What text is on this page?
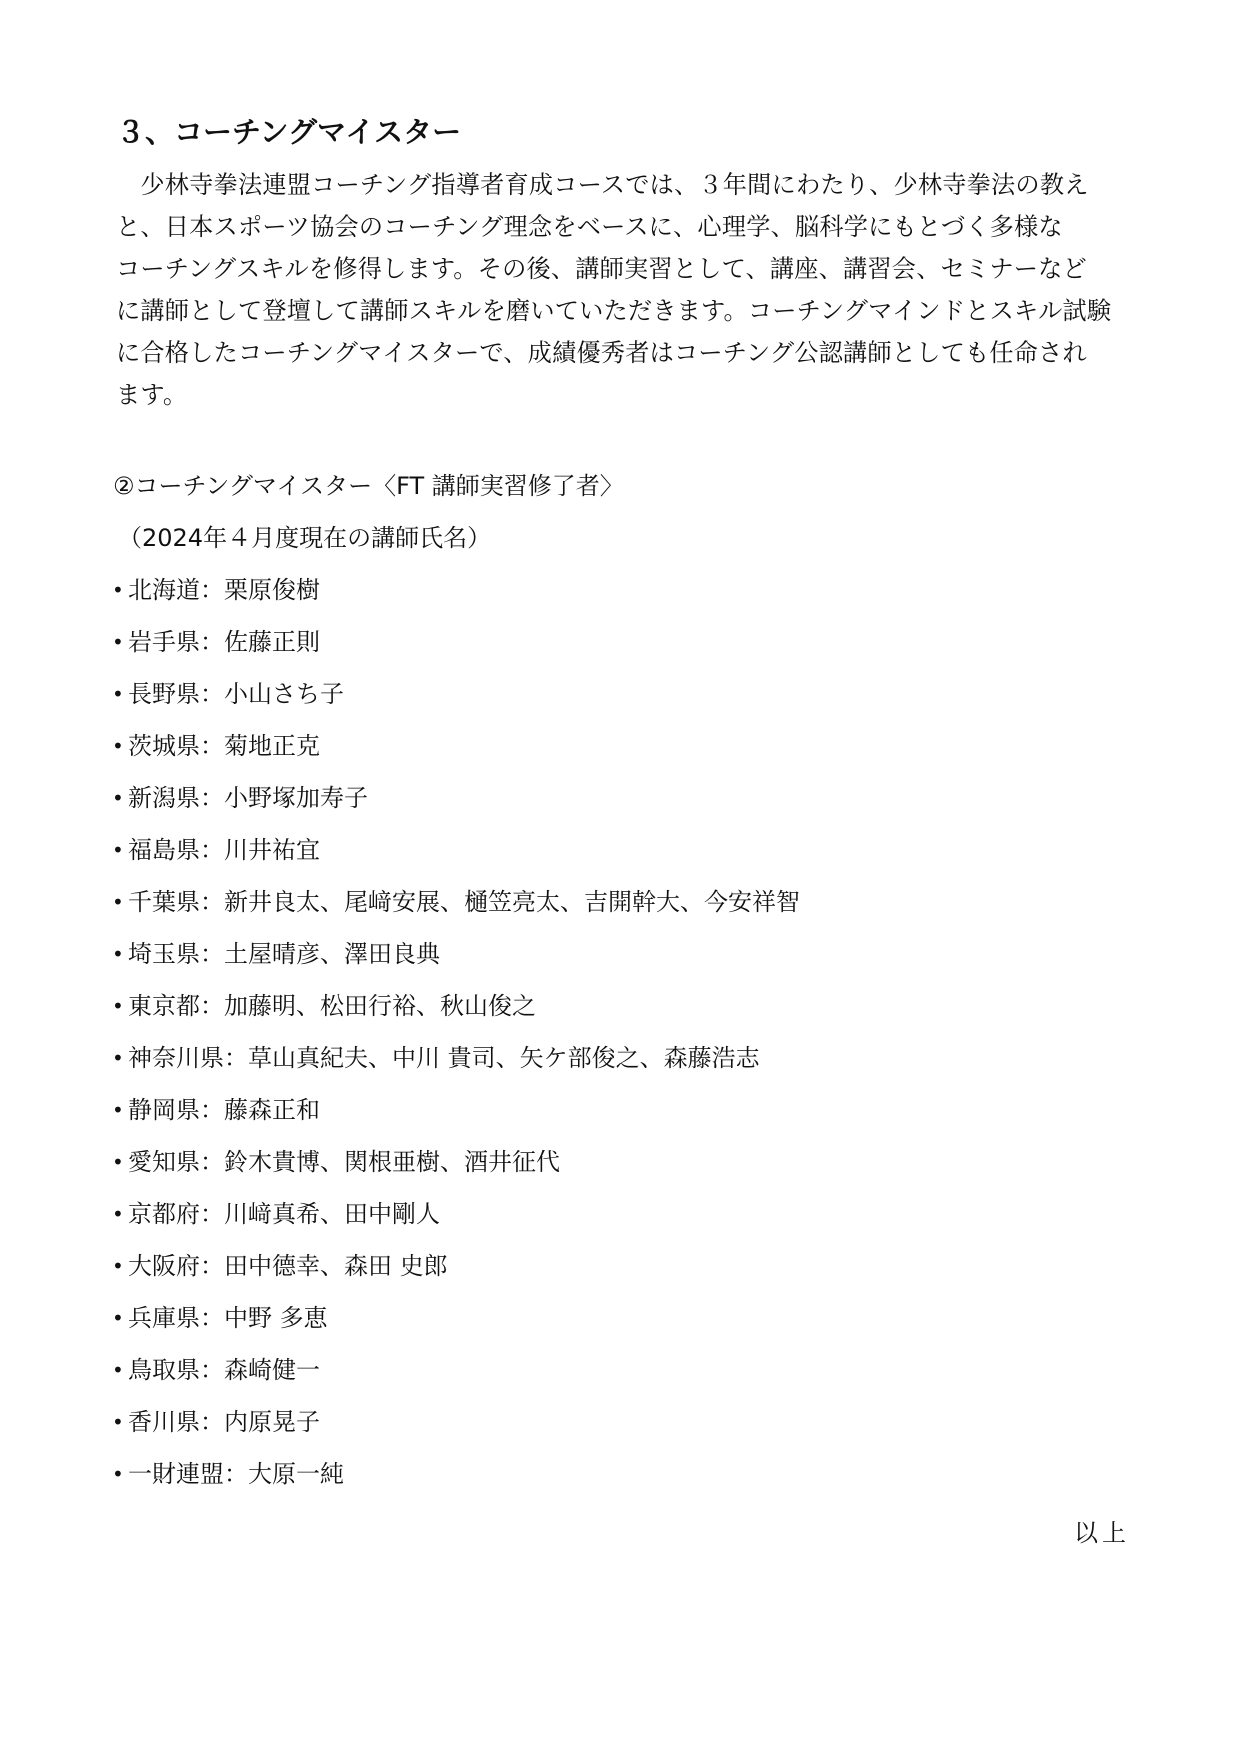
３、コーチングマイスター
　少林寺拳法連盟コーチング指導者育成コースでは、３年間にわたり、少林寺拳法の教え
と、日本スポーツ協会のコーチング理念をベースに、心理学、脳科学にもとづく多様な
コーチングスキルを修得します。その後、講師実習として、講座、講習会、セミナーなど
に講師として登壇して講師スキルを磨いていただきます。コーチングマインドとスキル試験
に合格したコーチングマイスターで、成績優秀者はコーチング公認講師としても任命され
ます。
②コーチングマイスター〈FT 講師実習修了者〉
（2024年４月度現在の講師氏名）
• 北海道：栗原俊樹
• 岩手県：佐藤正則
• 長野県：小山さち子
• 茨城県：菊地正克
• 新潟県：小野塚加寿子
• 福島県：川井祐宜
• 千葉県：新井良太、尾﨑安展、樋笠亮太、吉開幹大、今安祥智
• 埼玉県：土屋晴彦、澤田良典
• 東京都：加藤明、松田行裕、秋山俊之
• 神奈川県：草山真紀夫、中川 貴司、矢ケ部俊之、森藤浩志
• 静岡県：藤森正和
• 愛知県：鈴木貴博、関根亜樹、酒井征代
• 京都府：川﨑真希、田中剛人
• 大阪府：田中德幸、森田 史郎
• 兵庫県：中野 多恵
• 鳥取県：森崎健一
• 香川県：内原晃子
• 一財連盟：大原一純
以上
